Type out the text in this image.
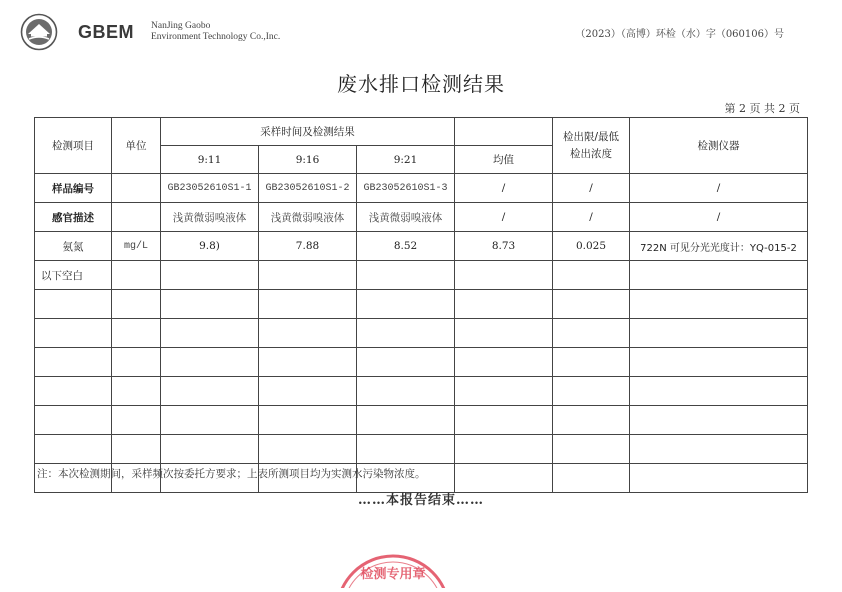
GBEM NanJing Gaobo
Environment Technology Co.,Inc.	（2023）（高博）环检（水）字（060106）号
废水排口检测结果
第 2 页 共 2 页
检测项目	单位	采样时间及检测结果				检出限/最低检出浓度	检测仪器
		9:11	9:16	9:21	均值		
样品编号		GB23052610S1-1	GB23052610S1-2	GB23052610S1-3	/	/	/
感官描述		浅黄微弱嗅液体	浅黄微弱嗅液体	浅黄微弱嗅液体	/	/	/
氨氮	mg/L	9.8)	7.88	8.52	8.73	0.025	722N 可见分光光度计：YQ-015-2
以下空白							

注：本次检测期间，采样频次按委托方要求；上表所测项目均为实测水污染物浓度。
……本报告结束……
检测专用章
